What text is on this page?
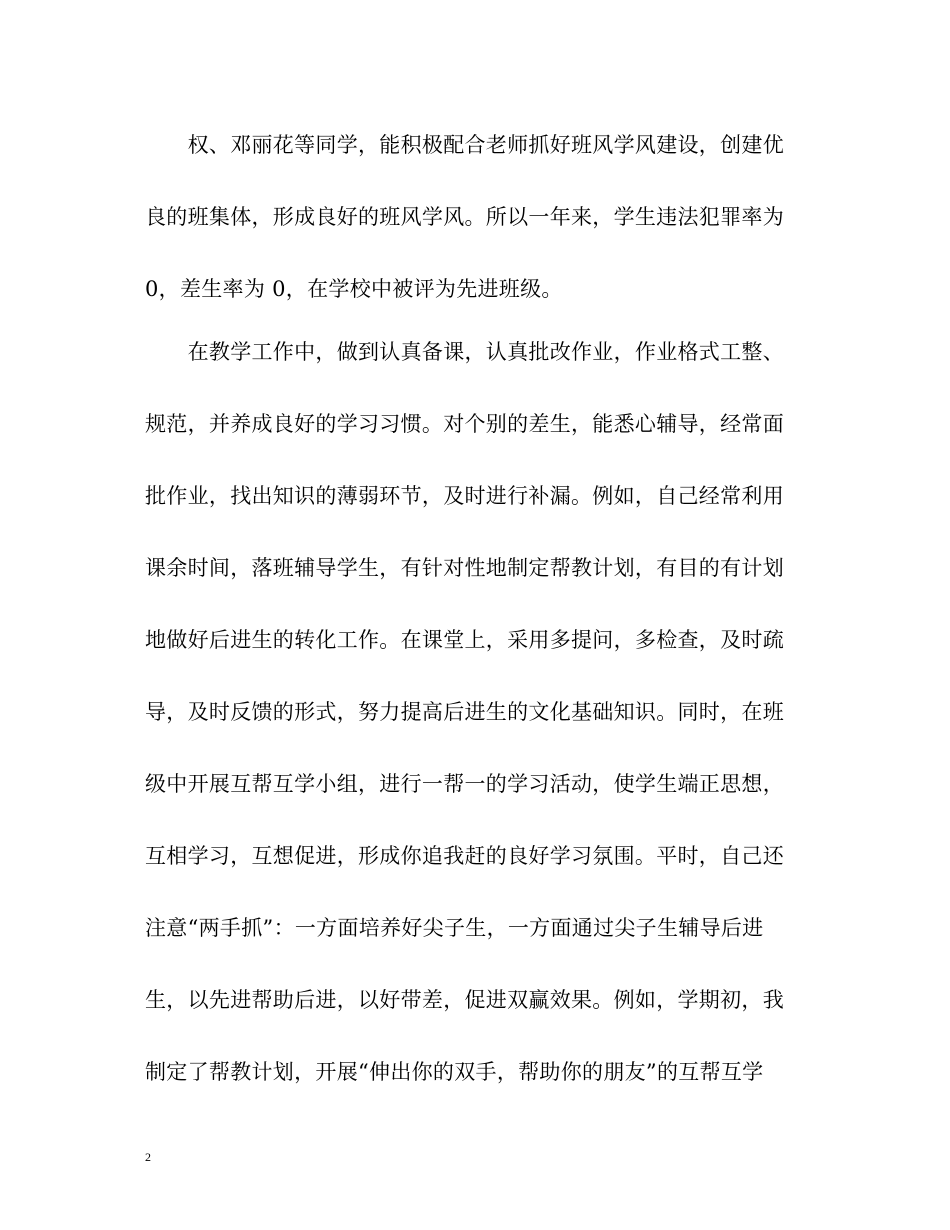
　　权、邓丽花等同学，能积极配合老师抓好班风学风建设，创建优
良的班集体，形成良好的班风学风。所以一年来，学生违法犯罪率为
0，差生率为 0，在学校中被评为先进班级。
　　在教学工作中，做到认真备课，认真批改作业，作业格式工整、
规范，并养成良好的学习习惯。对个别的差生，能悉心辅导，经常面
批作业，找出知识的薄弱环节，及时进行补漏。例如，自己经常利用
课余时间，落班辅导学生，有针对性地制定帮教计划，有目的有计划
地做好后进生的转化工作。在课堂上，采用多提问，多检查，及时疏
导，及时反馈的形式，努力提高后进生的文化基础知识。同时，在班
级中开展互帮互学小组，进行一帮一的学习活动，使学生端正思想，
互相学习，互想促进，形成你追我赶的良好学习氛围。平时，自己还
注意“两手抓”：一方面培养好尖子生，一方面通过尖子生辅导后进
生，以先进帮助后进，以好带差，促进双赢效果。例如，学期初，我
制定了帮教计划，开展“伸出你的双手，帮助你的朋友”的互帮互学
2
